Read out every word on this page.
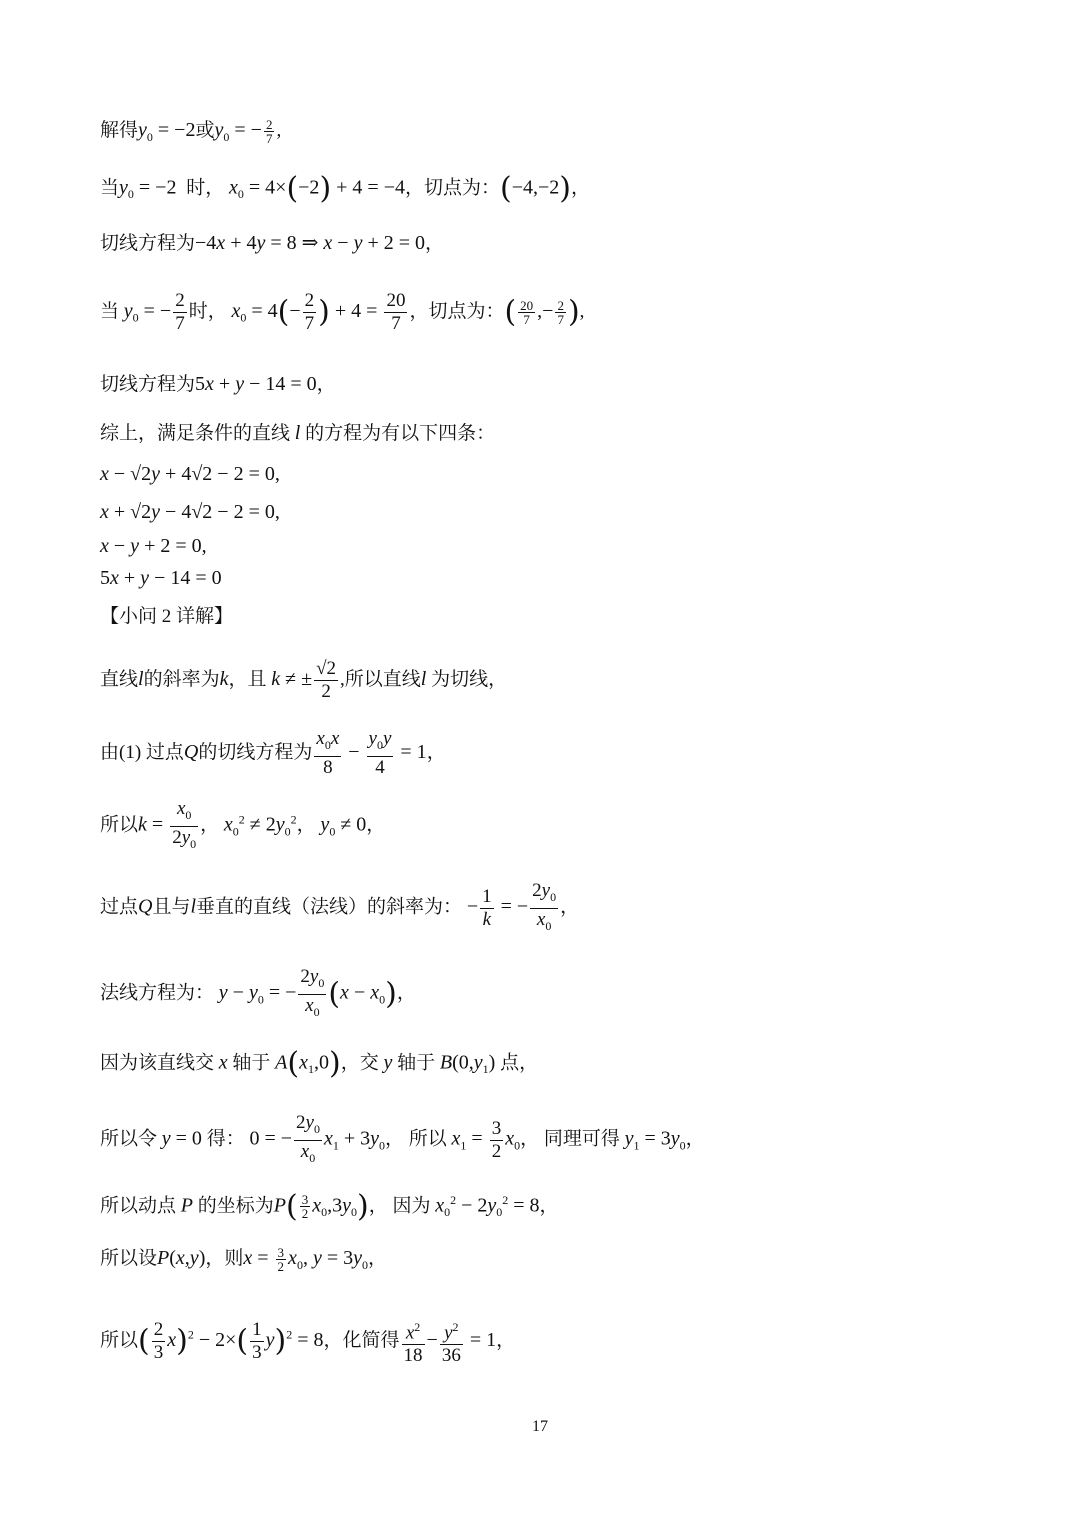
解得$y_0 = -2$或$y_0$ = − $\frac{2}{7}$ ,
当$y_0 = -2$  时， $x_0 = 4\times(-2) + 4 = -4$，切点为：(−4,−2)，
切线方程为−4x + 4y = 8 ⇒ x − y + 2 = 0，
当 $y_0$ = − $\frac{2}{7}$ 时， $x_0 = 4(- \frac{2}{7}$ ) + $4 = \frac{20}{7}$ ，切点为：( $\frac{20}{7}$ ,− $\frac{2}{7}$ ),
切线方程为5x + y − 14 = 0，
综上，满足条件的直线 l 的方程为有以下四条：
x − √2y + 4√2 − 2 = 0,
x + √2y − 4√2 − 2 = 0,
x − y + 2 = 0,
5x + y − 14 = 0
【小问 2 详解】
直线l的斜率为k，且 k ≠ ± $\frac{√2}{2}$ ,所以直线l 为切线，
由(1) 过点Q的切线方程为 $\frac{x_0x}{8} - \frac{y_0y}{4} = 1$，
所以$k = \frac{x_0}{2y_0}$ ， $x_0^2 \ne 2y_0^2$， $y_0 \ne 0$，
过点Q且与l垂直的直线（法线）的斜率为： − $\frac{1}{k}$ = − $\frac{2y_0}{x_0}$ ，
法线方程为： $y - y_0$ = − $\frac{2y_0}{x_0} (x - x_0)$，
因为该直线交 x 轴于 $A(x_1,0)$，交 y 轴于 $B(0,y_1)$ 点，
所以令 y = 0 得： 0 = − $\frac{2y_0}{x_0} x_1 + 3y_0$， 所以 $x_1 = \frac{3}{2} x_0$， 同理可得 $y_1 = 3y_0$，
所以动点 P 的坐标为$P( \frac{3}{2} x_0,3y_0)$， 因为 $x_0^2 - 2y_0^2 = 8$，
所以设P(x,y)，则$x = \frac{3}{2} x_0$, $y = 3y_0$，
所以( $\frac{2}{3} x)^2 - 2\times( \frac{1}{3} y)^2 = 8$，化简得 $\frac{x^2}{18} - \frac{y^2}{36} = 1$，
17
